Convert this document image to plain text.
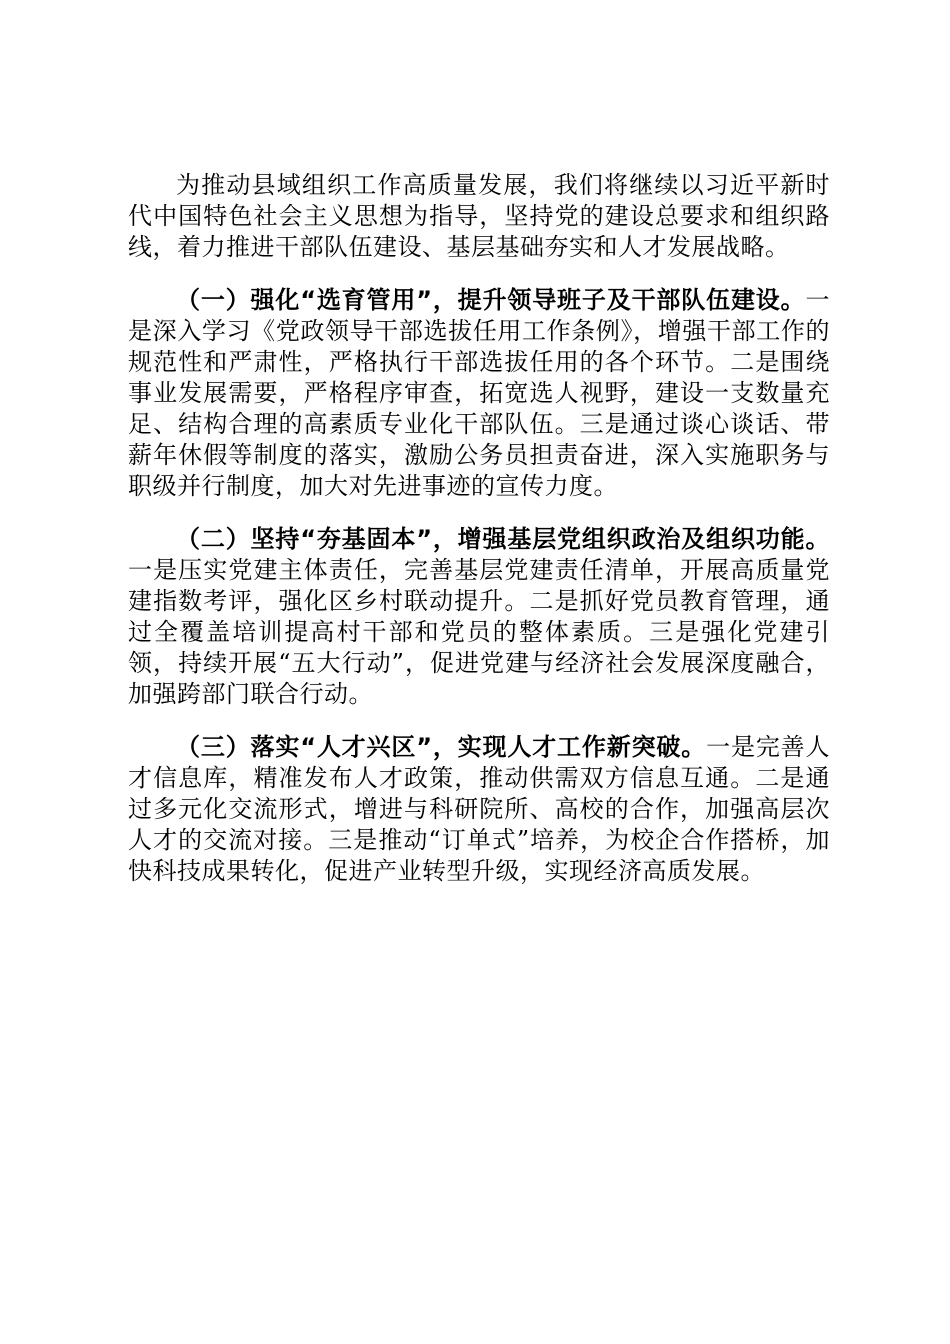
为推动县域组织工作高质量发展，我们将继续以习近平新时代中国特色社会主义思想为指导，坚持党的建设总要求和组织路线，着力推进干部队伍建设、基层基础夯实和人才发展战略。

（一）强化“选育管用”，提升领导班子及干部队伍建设。一是深入学习《党政领导干部选拔任用工作条例》，增强干部工作的规范性和严肃性，严格执行干部选拔任用的各个环节。二是围绕事业发展需要，严格程序审查，拓宽选人视野，建设一支数量充足、结构合理的高素质专业化干部队伍。三是通过谈心谈话、带薪年休假等制度的落实，激励公务员担责奋进，深入实施职务与职级并行制度，加大对先进事迹的宣传力度。

（二）坚持“夯基固本”，增强基层党组织政治及组织功能。一是压实党建主体责任，完善基层党建责任清单，开展高质量党建指数考评，强化区乡村联动提升。二是抓好党员教育管理，通过全覆盖培训提高村干部和党员的整体素质。三是强化党建引领，持续开展“五大行动”，促进党建与经济社会发展深度融合，加强跨部门联合行动。

（三）落实“人才兴区”，实现人才工作新突破。一是完善人才信息库，精准发布人才政策，推动供需双方信息互通。二是通过多元化交流形式，增进与科研院所、高校的合作，加强高层次人才的交流对接。三是推动“订单式”培养，为校企合作搭桥，加快科技成果转化，促进产业转型升级，实现经济高质发展。
